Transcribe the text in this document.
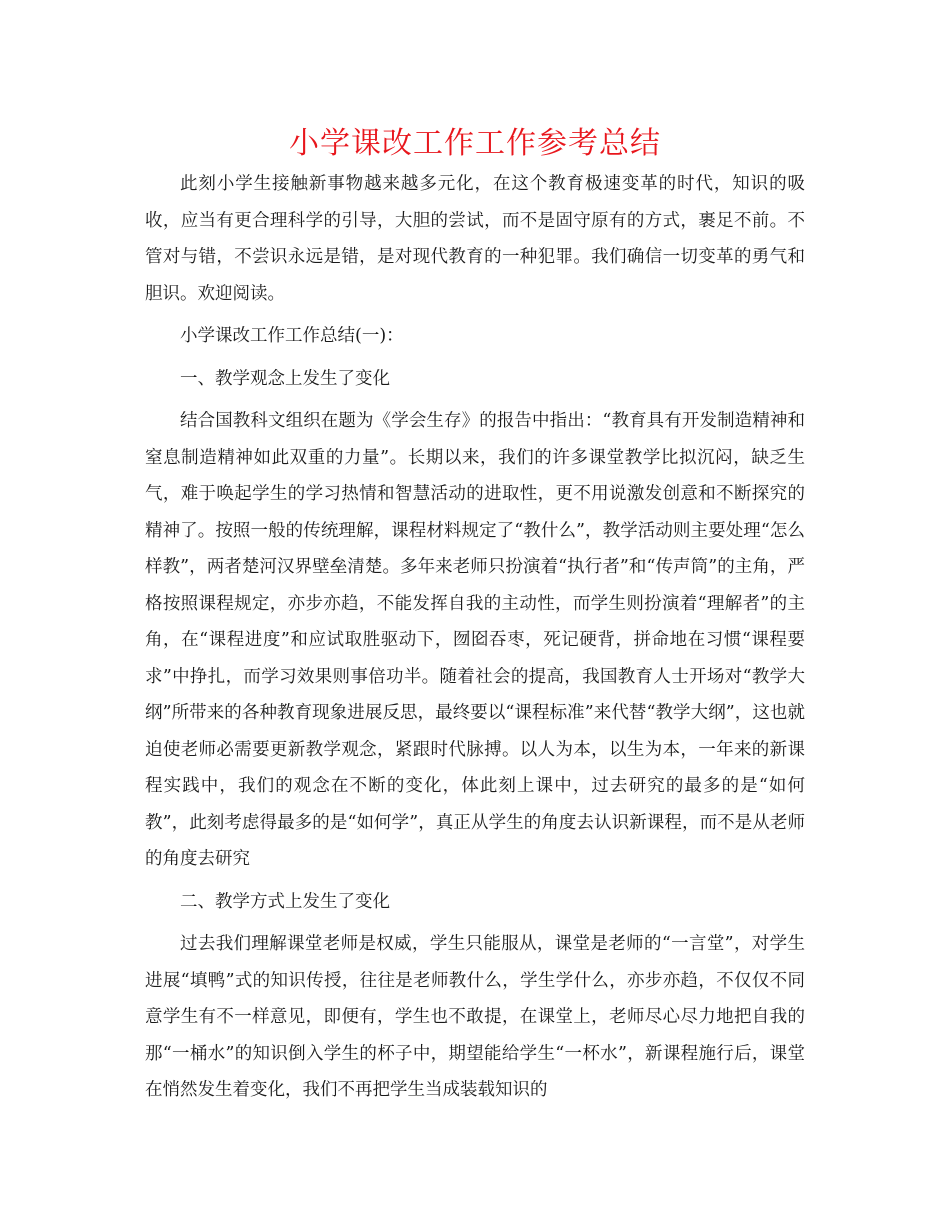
小学课改工作工作参考总结

此刻小学生接触新事物越来越多元化，在这个教育极速变革的时代，知识的吸收，应当有更合理科学的引导，大胆的尝试，而不是固守原有的方式，裹足不前。不管对与错，不尝识永远是错，是对现代教育的一种犯罪。我们确信一切变革的勇气和胆识。欢迎阅读。

小学课改工作工作总结(一)：

一、教学观念上发生了变化

结合国教科文组织在题为《学会生存》的报告中指出：“教育具有开发制造精神和窒息制造精神如此双重的力量”。长期以来，我们的许多课堂教学比拟沉闷，缺乏生气，难于唤起学生的学习热情和智慧活动的进取性，更不用说激发创意和不断探究的精神了。按照一般的传统理解，课程材料规定了“教什么”，教学活动则主要处理“怎么样教”，两者楚河汉界壁垒清楚。多年来老师只扮演着“执行者”和“传声筒”的主角，严格按照课程规定，亦步亦趋，不能发挥自我的主动性，而学生则扮演着“理解者”的主角，在“课程进度”和应试取胜驱动下，囫囵吞枣，死记硬背，拼命地在习惯“课程要求”中挣扎，而学习效果则事倍功半。随着社会的提高，我国教育人士开场对“教学大纲”所带来的各种教育现象进展反思，最终要以“课程标准”来代替“教学大纲”，这也就迫使老师必需要更新教学观念，紧跟时代脉搏。以人为本，以生为本，一年来的新课程实践中，我们的观念在不断的变化，体此刻上课中，过去研究的最多的是“如何教”，此刻考虑得最多的是“如何学”，真正从学生的角度去认识新课程，而不是从老师的角度去研究

二、教学方式上发生了变化

过去我们理解课堂老师是权威，学生只能服从，课堂是老师的“一言堂”，对学生进展“填鸭”式的知识传授，往往是老师教什么，学生学什么，亦步亦趋，不仅仅不同意学生有不一样意见，即便有，学生也不敢提，在课堂上，老师尽心尽力地把自我的那“一桶水”的知识倒入学生的杯子中，期望能给学生“一杯水”，新课程施行后，课堂在悄然发生着变化，我们不再把学生当成装载知识的
